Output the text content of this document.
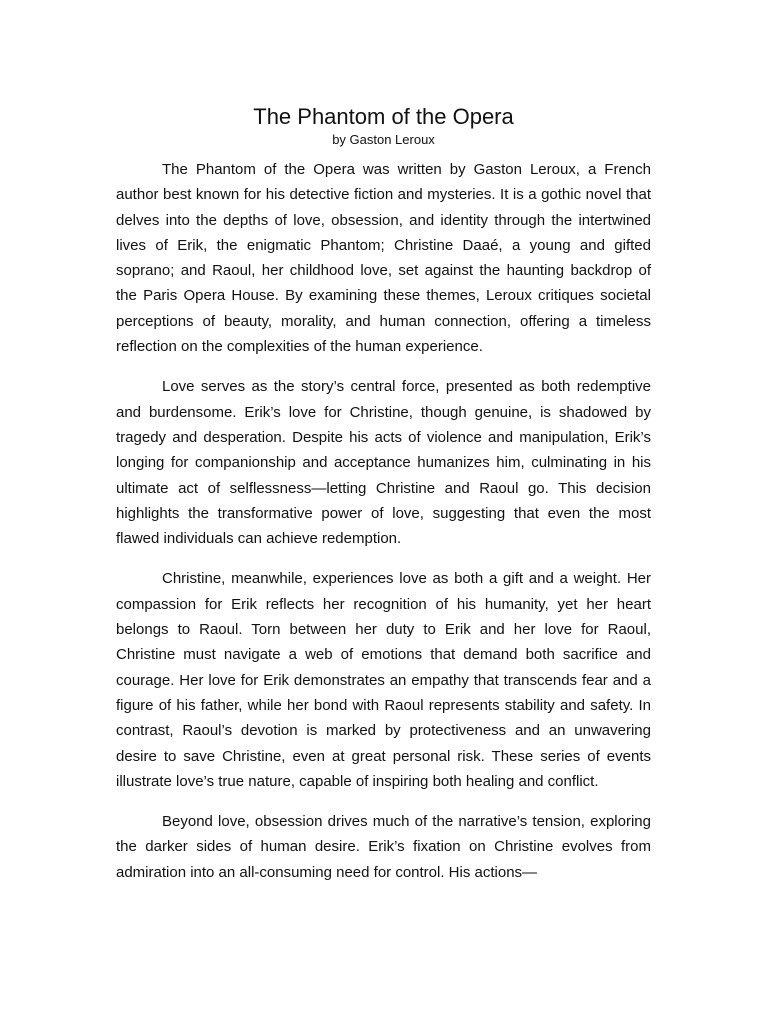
The Phantom of the Opera

by Gaston Leroux

The Phantom of the Opera was written by Gaston Leroux, a French author best known for his detective fiction and mysteries. It is a gothic novel that delves into the depths of love, obsession, and identity through the intertwined lives of Erik, the enigmatic Phantom; Christine Daaé, a young and gifted soprano; and Raoul, her childhood love, set against the haunting backdrop of the Paris Opera House. By examining these themes, Leroux critiques societal perceptions of beauty, morality, and human connection, offering a timeless reflection on the complexities of the human experience.

Love serves as the story’s central force, presented as both redemptive and burdensome. Erik’s love for Christine, though genuine, is shadowed by tragedy and desperation. Despite his acts of violence and manipulation, Erik’s longing for companionship and acceptance humanizes him, culminating in his ultimate act of selflessness—letting Christine and Raoul go. This decision highlights the transformative power of love, suggesting that even the most flawed individuals can achieve redemption.

Christine, meanwhile, experiences love as both a gift and a weight. Her compassion for Erik reflects her recognition of his humanity, yet her heart belongs to Raoul. Torn between her duty to Erik and her love for Raoul, Christine must navigate a web of emotions that demand both sacrifice and courage. Her love for Erik demonstrates an empathy that transcends fear and a figure of his father, while her bond with Raoul represents stability and safety. In contrast, Raoul’s devotion is marked by protectiveness and an unwavering desire to save Christine, even at great personal risk. These series of events illustrate love’s true nature, capable of inspiring both healing and conflict.

Beyond love, obsession drives much of the narrative’s tension, exploring the darker sides of human desire. Erik’s fixation on Christine evolves from admiration into an all-consuming need for control. His actions—
